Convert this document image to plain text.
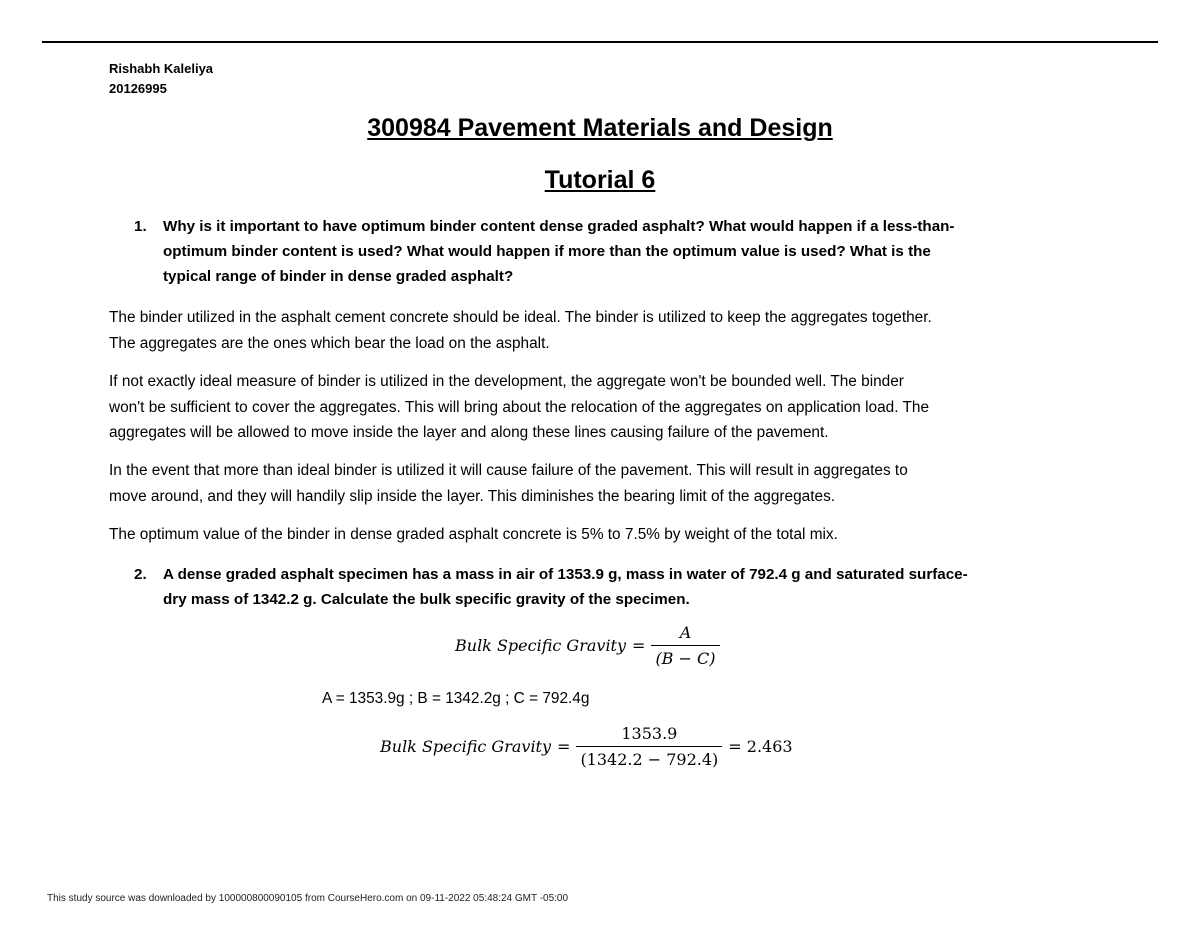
Rishabh Kaleliya
20126995
300984 Pavement Materials and Design
Tutorial 6
1. Why is it important to have optimum binder content dense graded asphalt? What would happen if a less-than-
optimum binder content is used? What would happen if more than the optimum value is used? What is the
typical range of binder in dense graded asphalt?
The binder utilized in the asphalt cement concrete should be ideal. The binder is utilized to keep the aggregates together.
The aggregates are the ones which bear the load on the asphalt.
If not exactly ideal measure of binder is utilized in the development, the aggregate won't be bounded well. The binder
won't be sufficient to cover the aggregates. This will bring about the relocation of the aggregates on application load. The
aggregates will be allowed to move inside the layer and along these lines causing failure of the pavement.
In the event that more than ideal binder is utilized it will cause failure of the pavement. This will result in aggregates to
move around, and they will handily slip inside the layer. This diminishes the bearing limit of the aggregates.
The optimum value of the binder in dense graded asphalt concrete is 5% to 7.5% by weight of the total mix.
2. A dense graded asphalt specimen has a mass in air of 1353.9 g, mass in water of 792.4 g and saturated surface-
dry mass of 1342.2 g. Calculate the bulk specific gravity of the specimen.
Bulk Specific Gravity = $\frac{A}{(B - C)}$
A = 1353.9g ; B = 1342.2g ; C = 792.4g
Bulk Specific Gravity = $\frac{1353.9}{(1342.2 - 792.4)} = 2.463$
This study source was downloaded by 100000800090105 from CourseHero.com on 09-11-2022 05:48:24 GMT -05:00
